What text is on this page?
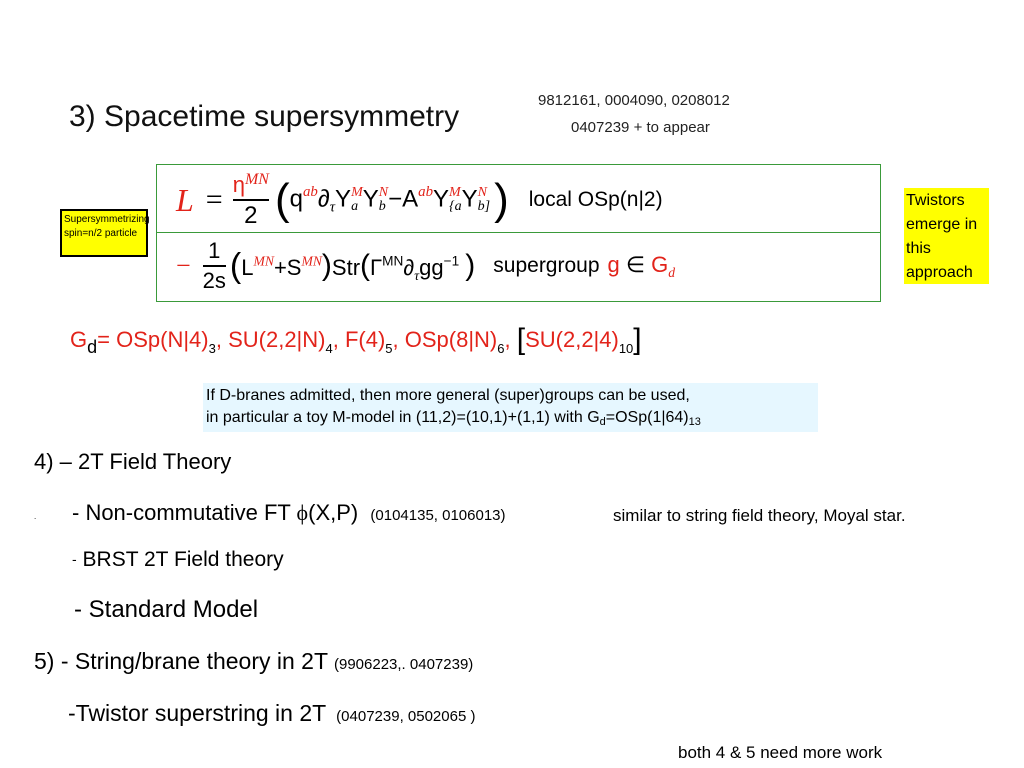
3) Spacetime supersymmetry	9812161, 0004090, 0208012
0407239 + to appear
Supersymmetrizing spin=n/2 particle
Twistors emerge in this approach
$L = \frac{\eta^{MN}}{2}$ ( $q^{ab}\partial_\tau Y$ M
a Y N
$b -A^{ab}Y$ M
{a Y N
b] ) local OSp(n|2)
− $\frac{1}{2s}$ ( $L^{MN}+S^{MN})Str(\Gamma^{MN}\partial_\tau gg^{-1}$ ) supergroup g ∈ $G_d$
$G_d= OSp(N|4)_3$, $SU(2,2|N)_4$, $F(4)_5$, $OSp(8|N)_6$, $[SU(2,2|4)_{10}]$
If D-branes admitted, then more general (super)groups can be used,
in particular a toy M-model in (11,2)=(10,1)+(1,1) with Gd=OSp(1|64)13
4) – 2T Field Theory
. - Non-commutative FT ϕ(X,P) (0104135, 0106013)	similar to string field theory, Moyal star.
- BRST 2T Field theory
- Standard Model
5) - String/brane theory in 2T (9906223,. 0407239)
-Twistor superstring in 2T (0407239, 0502065 )
both 4 & 5 need more work
